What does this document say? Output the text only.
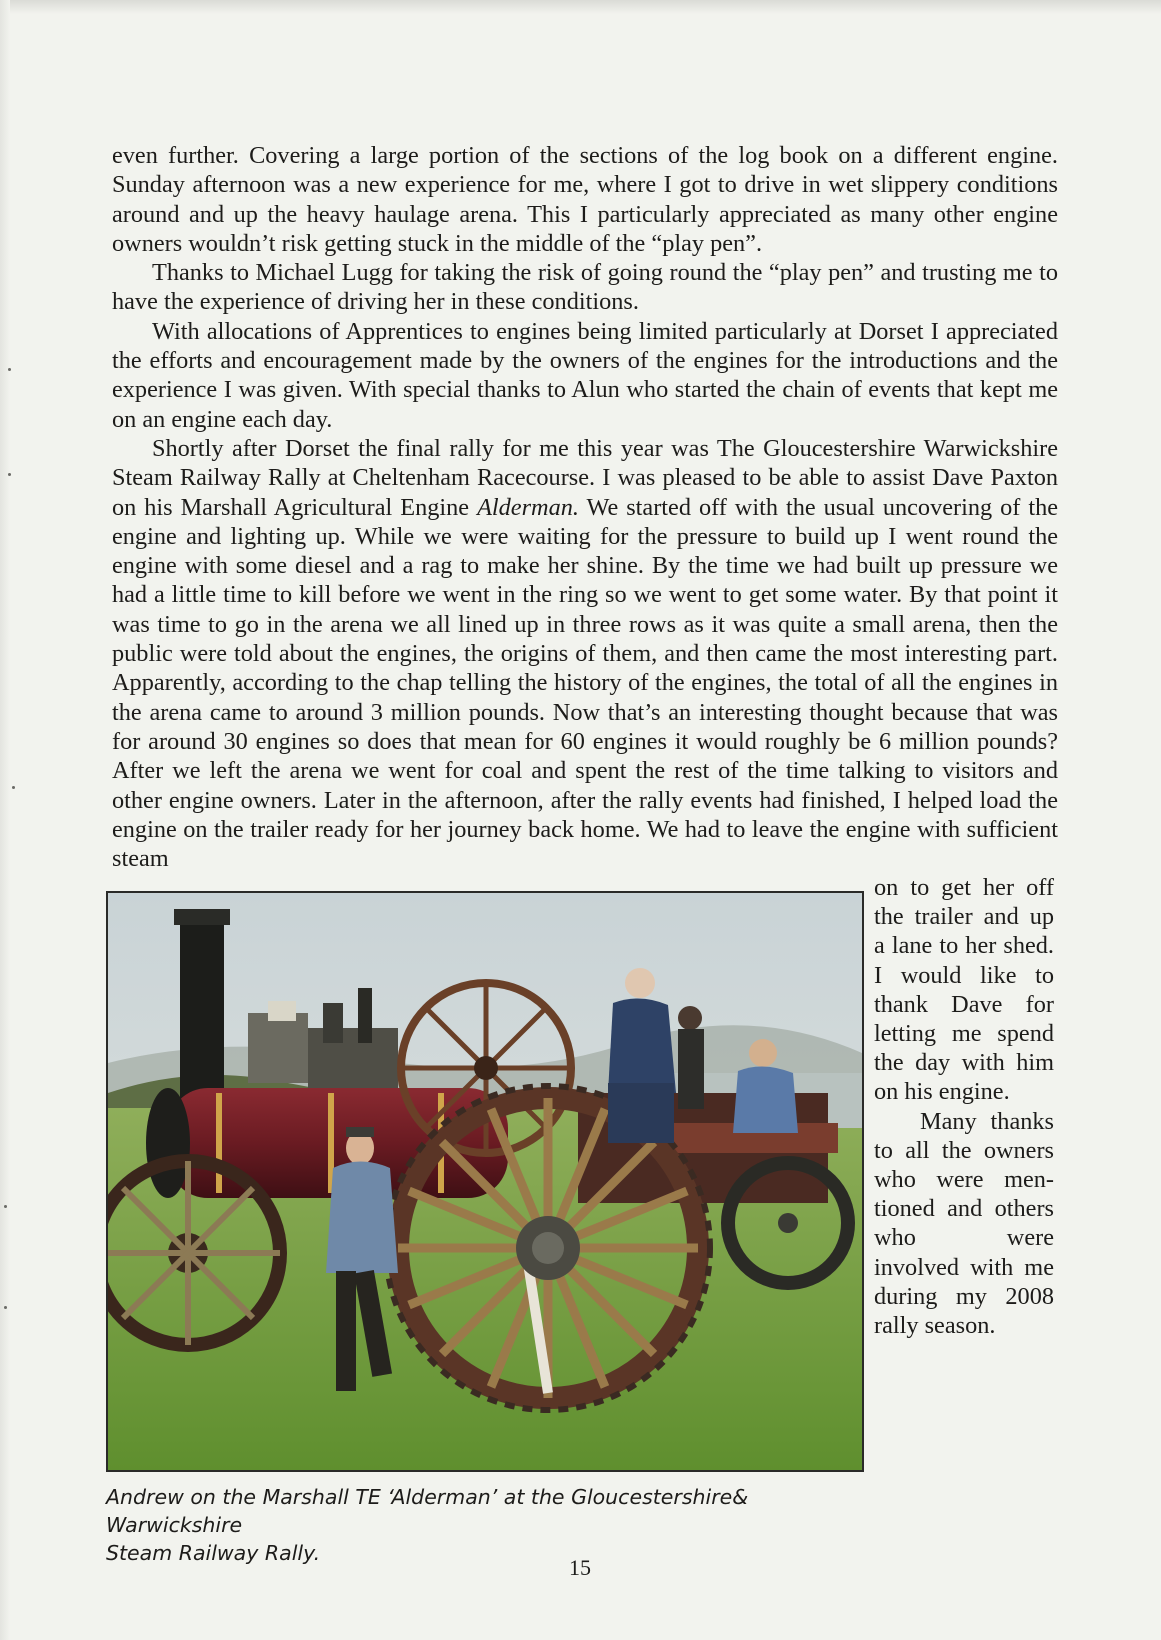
even further. Covering a large portion of the sections of the log book on a different engine. Sunday afternoon was a new experience for me, where I got to drive in wet slippery conditions around and up the heavy haulage arena. This I particularly appreciated as many other engine owners wouldn’t risk getting stuck in the middle of the “play pen”.

Thanks to Michael Lugg for taking the risk of going round the “play pen” and trusting me to have the experience of driving her in these conditions.

With allocations of Apprentices to engines being limited particularly at Dorset I appreciated the efforts and encouragement made by the owners of the engines for the introductions and the experience I was given. With special thanks to Alun who started the chain of events that kept me on an engine each day.

Shortly after Dorset the final rally for me this year was The Gloucestershire Warwickshire Steam Railway Rally at Cheltenham Racecourse. I was pleased to be able to assist Dave Paxton on his Marshall Agricultural Engine Alderman. We started off with the usual uncovering of the engine and lighting up. While we were waiting for the pressure to build up I went round the engine with some diesel and a rag to make her shine. By the time we had built up pressure we had a little time to kill before we went in the ring so we went to get some water. By that point it was time to go in the arena we all lined up in three rows as it was quite a small arena, then the public were told about the engines, the origins of them, and then came the most interesting part. Apparently, according to the chap telling the history of the engines, the total of all the engines in the arena came to around 3 million pounds. Now that’s an interesting thought because that was for around 30 engines so does that mean for 60 engines it would roughly be 6 million pounds? After we left the arena we went for coal and spent the rest of the time talking to visitors and other engine owners. Later in the afternoon, after the rally events had finished, I helped load the engine on the trailer ready for her journey back home. We had to leave the engine with sufficient steam

on to get her off the trailer and up a lane to her shed. I would like to thank Dave for letting me spend the day with him on his engine.

Many thanks to all the owners who were mentioned and others who were involved with me during my 2008 rally season.

Andrew on the Marshall TE ‘Alderman’ at the Gloucestershire& Warwickshire
Steam Railway Rally.
15
